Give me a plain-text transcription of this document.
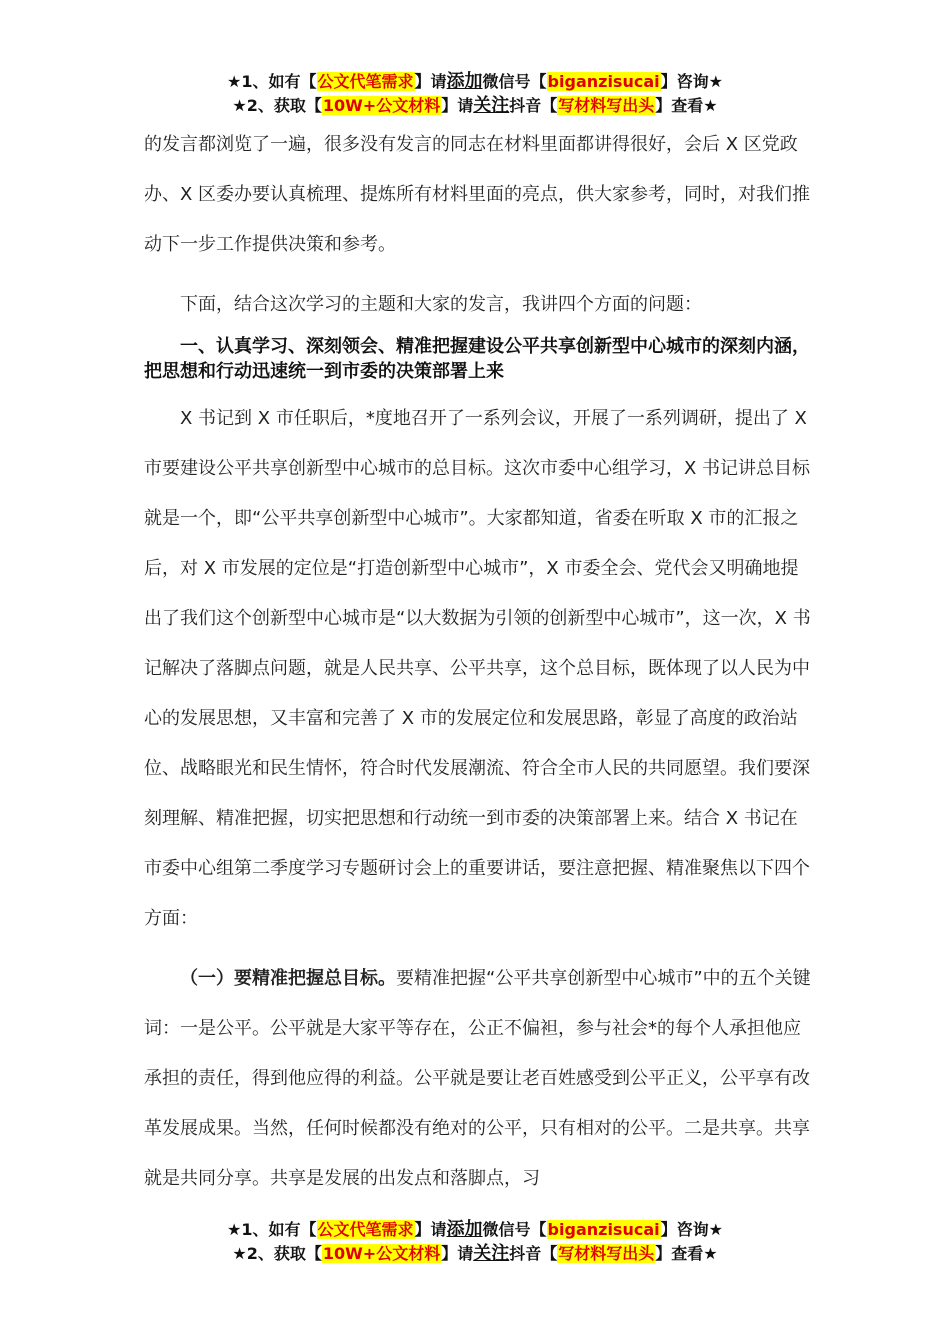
★1、如有【公文代笔需求】请添加微信号【biganzisucai】咨询★
★2、获取【10W+公文材料】请关注抖音【写材料写出头】查看★

的发言都浏览了一遍，很多没有发言的同志在材料里面都讲得很好，会后 X 区党政办、X 区委办要认真梳理、提炼所有材料里面的亮点，供大家参考，同时，对我们推动下一步工作提供决策和参考。

下面，结合这次学习的主题和大家的发言，我讲四个方面的问题：

一、认真学习、深刻领会、精准把握建设公平共享创新型中心城市的深刻内涵，把思想和行动迅速统一到市委的决策部署上来

X 书记到 X 市任职后，*度地召开了一系列会议，开展了一系列调研，提出了 X 市要建设公平共享创新型中心城市的总目标。这次市委中心组学习，X 书记讲总目标就是一个，即“公平共享创新型中心城市”。大家都知道，省委在听取 X 市的汇报之后，对 X 市发展的定位是“打造创新型中心城市”，X 市委全会、党代会又明确地提出了我们这个创新型中心城市是“以大数据为引领的创新型中心城市”，这一次，X 书记解决了落脚点问题，就是人民共享、公平共享，这个总目标，既体现了以人民为中心的发展思想，又丰富和完善了 X 市的发展定位和发展思路，彰显了高度的政治站位、战略眼光和民生情怀，符合时代发展潮流、符合全市人民的共同愿望。我们要深刻理解、精准把握，切实把思想和行动统一到市委的决策部署上来。结合 X 书记在市委中心组第二季度学习专题研讨会上的重要讲话，要注意把握、精准聚焦以下四个方面：

（一）要精准把握总目标。要精准把握“公平共享创新型中心城市”中的五个关键词：一是公平。公平就是大家平等存在，公正不偏袒，参与社会*的每个人承担他应承担的责任，得到他应得的利益。公平就是要让老百姓感受到公平正义，公平享有改革发展成果。当然，任何时候都没有绝对的公平，只有相对的公平。二是共享。共享就是共同分享。共享是发展的出发点和落脚点，习

★1、如有【公文代笔需求】请添加微信号【biganzisucai】咨询★
★2、获取【10W+公文材料】请关注抖音【写材料写出头】查看★
